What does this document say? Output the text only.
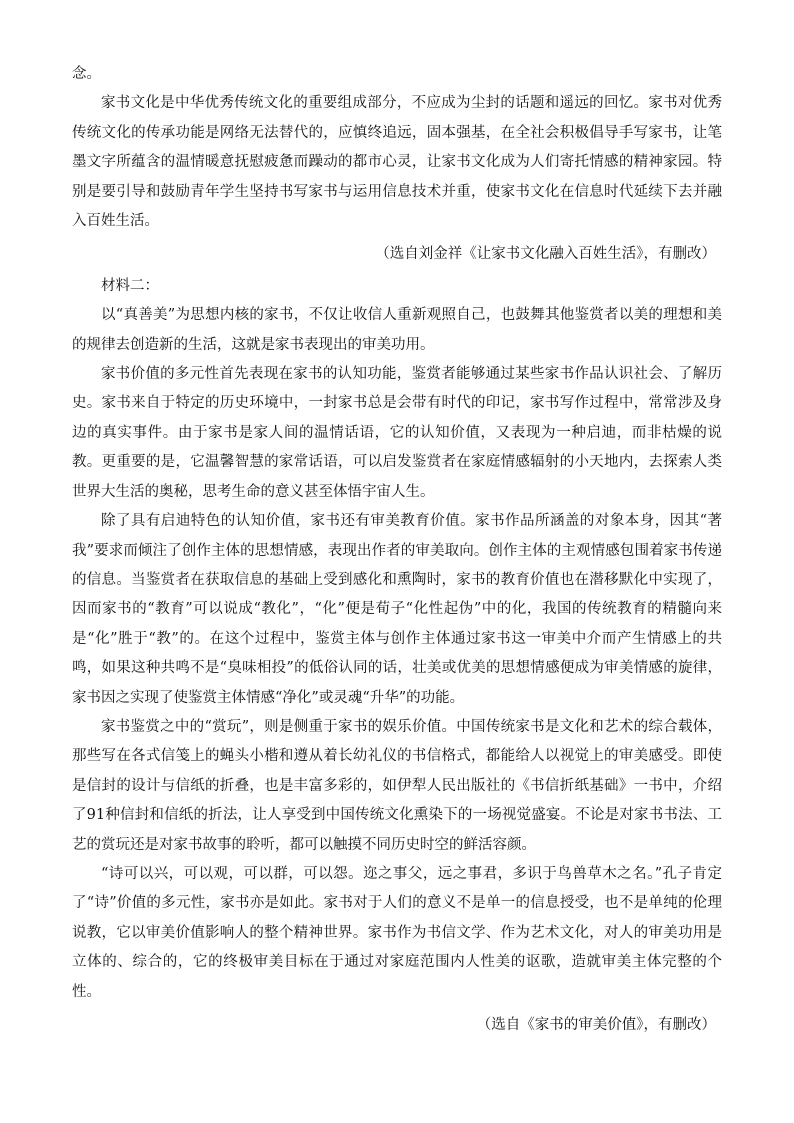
念。

家书文化是中华优秀传统文化的重要组成部分，不应成为尘封的话题和遥远的回忆。家书对优秀传统文化的传承功能是网络无法替代的，应慎终追远，固本强基，在全社会积极倡导手写家书，让笔墨文字所蕴含的温情暖意抚慰疲惫而躁动的都市心灵，让家书文化成为人们寄托情感的精神家园。特别是要引导和鼓励青年学生坚持书写家书与运用信息技术并重，使家书文化在信息时代延续下去并融入百姓生活。

（选自刘金祥《让家书文化融入百姓生活》，有删改）

材料二：

以“真善美”为思想内核的家书，不仅让收信人重新观照自己，也鼓舞其他鉴赏者以美的理想和美的规律去创造新的生活，这就是家书表现出的审美功用。

家书价值的多元性首先表现在家书的认知功能，鉴赏者能够通过某些家书作品认识社会、了解历史。家书来自于特定的历史环境中，一封家书总是会带有时代的印记，家书写作过程中，常常涉及身边的真实事件。由于家书是家人间的温情话语，它的认知价值，又表现为一种启迪，而非枯燥的说教。更重要的是，它温馨智慧的家常话语，可以启发鉴赏者在家庭情感辐射的小天地内，去探索人类世界大生活的奥秘，思考生命的意义甚至体悟宇宙人生。

除了具有启迪特色的认知价值，家书还有审美教育价值。家书作品所涵盖的对象本身，因其“著我”要求而倾注了创作主体的思想情感，表现出作者的审美取向。创作主体的主观情感包围着家书传递的信息。当鉴赏者在获取信息的基础上受到感化和熏陶时，家书的教育价值也在潜移默化中实现了，因而家书的“教育”可以说成“教化”，“化”便是荀子“化性起伪”中的化，我国的传统教育的精髓向来是“化”胜于“教”的。在这个过程中，鉴赏主体与创作主体通过家书这一审美中介而产生情感上的共鸣，如果这种共鸣不是“臭味相投”的低俗认同的话，壮美或优美的思想情感便成为审美情感的旋律，家书因之实现了使鉴赏主体情感“净化”或灵魂“升华”的功能。

家书鉴赏之中的“赏玩”，则是侧重于家书的娱乐价值。中国传统家书是文化和艺术的综合载体，那些写在各式信笺上的蝇头小楷和遵从着长幼礼仪的书信格式，都能给人以视觉上的审美感受。即使是信封的设计与信纸的折叠，也是丰富多彩的，如伊犁人民出版社的《书信折纸基础》一书中，介绍了91种信封和信纸的折法，让人享受到中国传统文化熏染下的一场视觉盛宴。不论是对家书书法、工艺的赏玩还是对家书故事的聆听，都可以触摸不同历史时空的鲜活容颜。

“诗可以兴，可以观，可以群，可以怨。迩之事父，远之事君，多识于鸟兽草木之名。”孔子肯定了“诗”价值的多元性，家书亦是如此。家书对于人们的意义不是单一的信息授受，也不是单纯的伦理说教，它以审美价值影响人的整个精神世界。家书作为书信文学、作为艺术文化，对人的审美功用是立体的、综合的，它的终极审美目标在于通过对家庭范围内人性美的讴歌，造就审美主体完整的个性。

（选自《家书的审美价值》，有删改）
